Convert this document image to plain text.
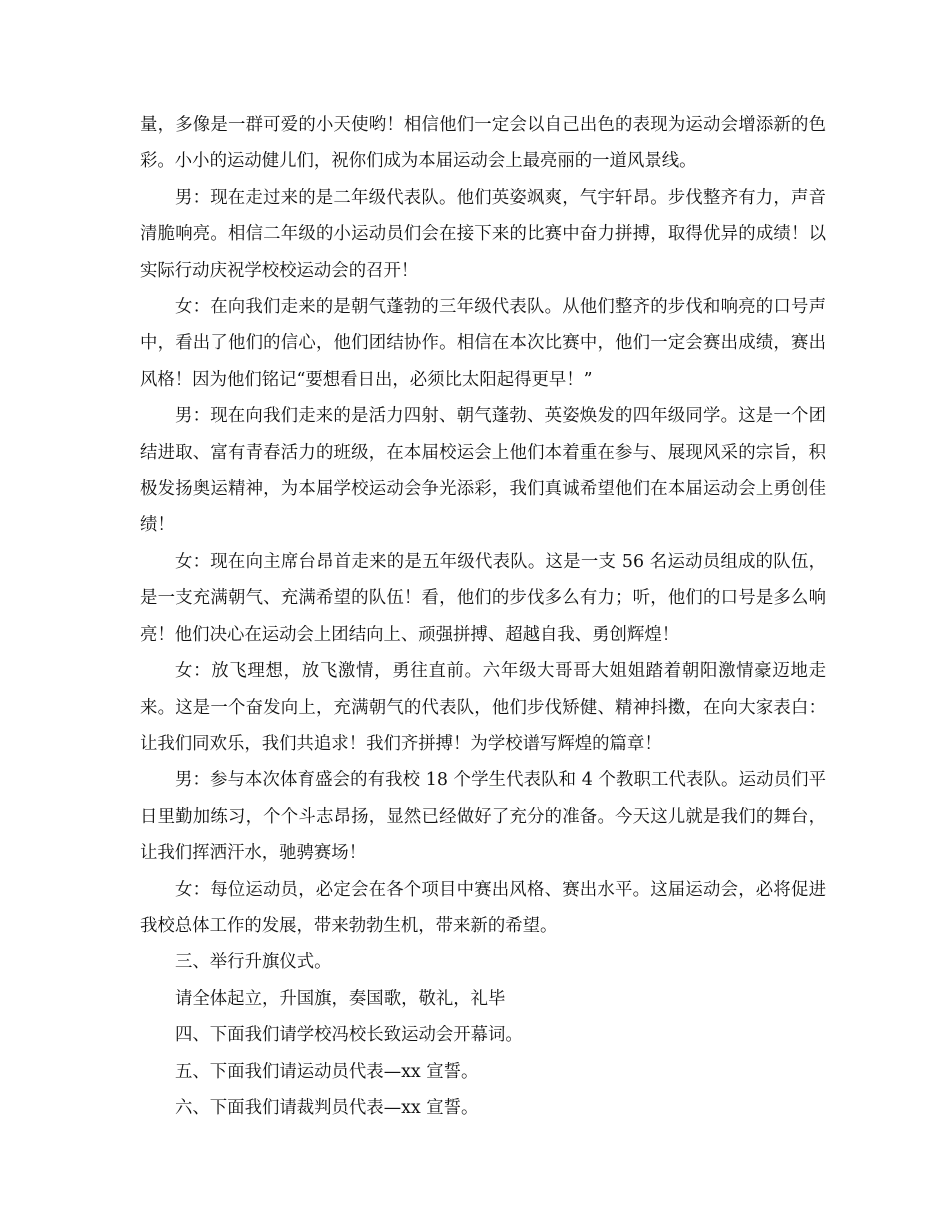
量，多像是一群可爱的小天使哟！相信他们一定会以自己出色的表现为运动会增添新的色彩。小小的运动健儿们，祝你们成为本届运动会上最亮丽的一道风景线。

男：现在走过来的是二年级代表队。他们英姿飒爽，气宇轩昂。步伐整齐有力，声音清脆响亮。相信二年级的小运动员们会在接下来的比赛中奋力拼搏，取得优异的成绩！以实际行动庆祝学校校运动会的召开！

女：在向我们走来的是朝气蓬勃的三年级代表队。从他们整齐的步伐和响亮的口号声中，看出了他们的信心，他们团结协作。相信在本次比赛中，他们一定会赛出成绩，赛出风格！因为他们铭记“要想看日出，必须比太阳起得更早！”

男：现在向我们走来的是活力四射、朝气蓬勃、英姿焕发的四年级同学。这是一个团结进取、富有青春活力的班级，在本届校运会上他们本着重在参与、展现风采的宗旨，积极发扬奥运精神，为本届学校运动会争光添彩，我们真诚希望他们在本届运动会上勇创佳绩！

女：现在向主席台昂首走来的是五年级代表队。这是一支 56 名运动员组成的队伍，是一支充满朝气、充满希望的队伍！看，他们的步伐多么有力；听，他们的口号是多么响亮！他们决心在运动会上团结向上、顽强拼搏、超越自我、勇创辉煌！

女：放飞理想，放飞激情，勇往直前。六年级大哥哥大姐姐踏着朝阳激情豪迈地走来。这是一个奋发向上，充满朝气的代表队，他们步伐矫健、精神抖擞，在向大家表白：让我们同欢乐，我们共追求！我们齐拼搏！为学校谱写辉煌的篇章！

男：参与本次体育盛会的有我校 18 个学生代表队和 4 个教职工代表队。运动员们平日里勤加练习，个个斗志昂扬，显然已经做好了充分的准备。今天这儿就是我们的舞台，让我们挥洒汗水，驰骋赛场！

女：每位运动员，必定会在各个项目中赛出风格、赛出水平。这届运动会，必将促进我校总体工作的发展，带来勃勃生机，带来新的希望。

三、举行升旗仪式。

请全体起立，升国旗，奏国歌，敬礼，礼毕

四、下面我们请学校冯校长致运动会开幕词。

五、下面我们请运动员代表—xx 宣誓。

六、下面我们请裁判员代表—xx 宣誓。
